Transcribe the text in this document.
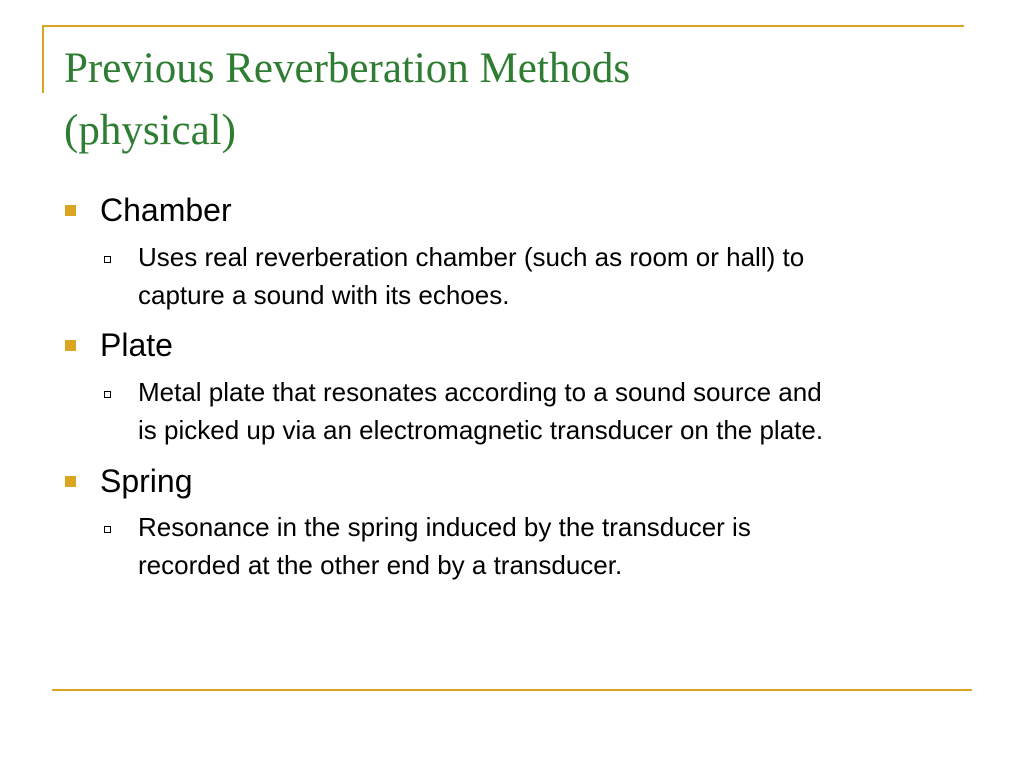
Previous Reverberation Methods
(physical)
Chamber
Uses real reverberation chamber (such as room or hall) to
capture a sound with its echoes.
Plate
Metal plate that resonates according to a sound source and
is picked up via an electromagnetic transducer on the plate.
Spring
Resonance in the spring induced by the transducer is
recorded at the other end by a transducer.
